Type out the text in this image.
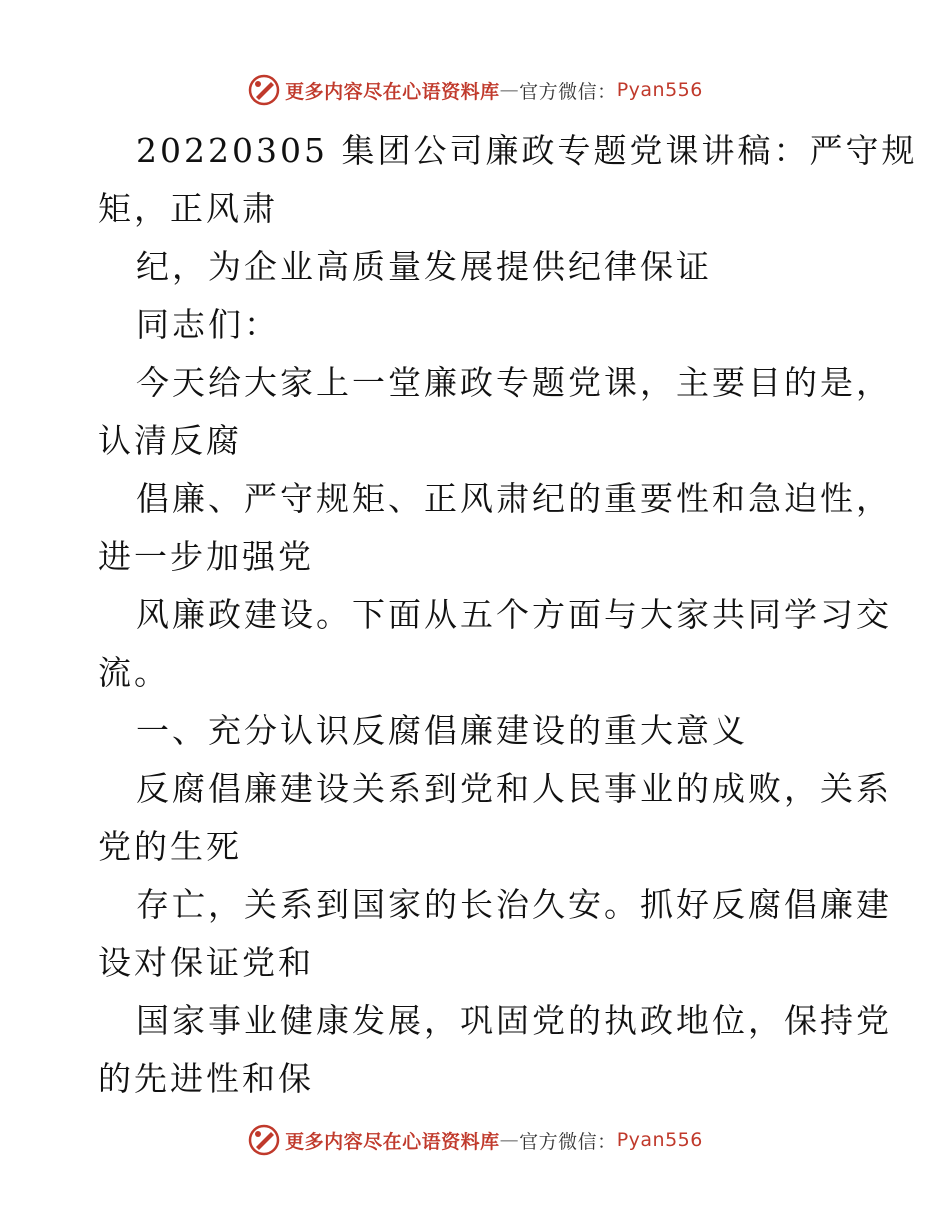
更多内容尽在心语资料库 — 官方微信： Pyan556
20220305 集团公司廉政专题党课讲稿：严守规
矩，正风肃
纪，为企业高质量发展提供纪律保证
同志们：
今天给大家上一堂廉政专题党课，主要目的是，
认清反腐
倡廉、严守规矩、正风肃纪的重要性和急迫性，
进一步加强党
风廉政建设。下面从五个方面与大家共同学习交
流。
一、充分认识反腐倡廉建设的重大意义
反腐倡廉建设关系到党和人民事业的成败，关系
党的生死
存亡，关系到国家的长治久安。抓好反腐倡廉建
设对保证党和
国家事业健康发展，巩固党的执政地位，保持党
的先进性和保
更多内容尽在心语资料库 — 官方微信： Pyan556
